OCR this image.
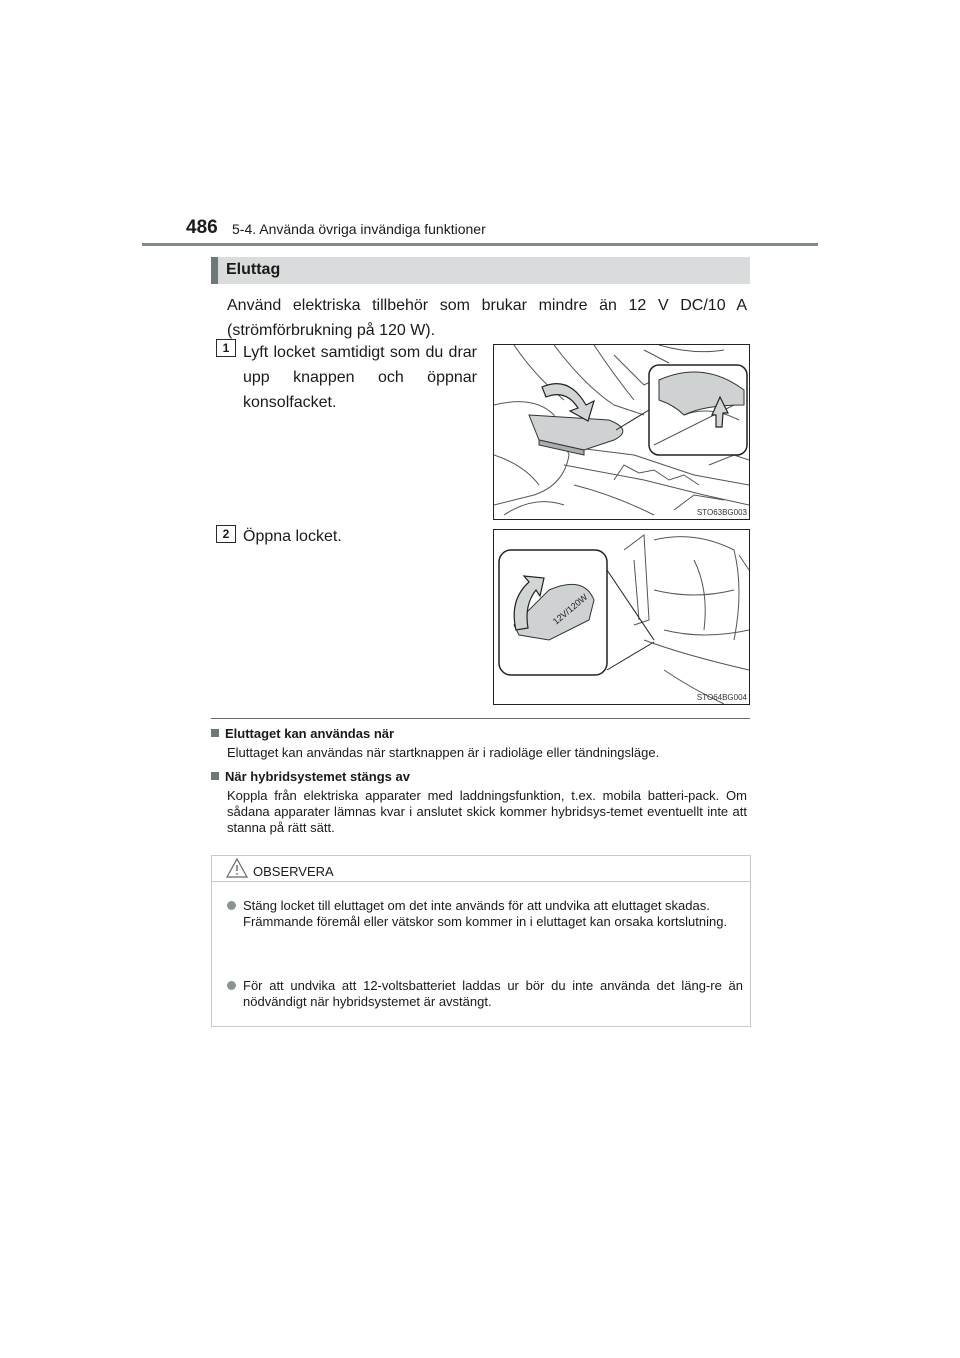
486 5-4. Använda övriga invändiga funktioner
Eluttag
Använd elektriska tillbehör som brukar mindre än 12 V DC/10 A (strömförbrukning på 120 W).
1 Lyft locket samtidigt som du drar upp knappen och öppnar konsolfacket.
STO63BG003
2 Öppna locket.
12V/120W
STO64BG004
Eluttaget kan användas när
Eluttaget kan användas när startknappen är i radioläge eller tändningsläge.
När hybridsystemet stängs av
Koppla från elektriska apparater med laddningsfunktion, t.ex. mobila batteri-pack. Om sådana apparater lämnas kvar i anslutet skick kommer hybridsys-temet eventuellt inte att stanna på rätt sätt.
OBSERVERA
Stäng locket till eluttaget om det inte används för att undvika att eluttaget skadas.
Främmande föremål eller vätskor som kommer in i eluttaget kan orsaka kortslutning.
För att undvika att 12-voltsbatteriet laddas ur bör du inte använda det läng-re än nödvändigt när hybridsystemet är avstängt.
